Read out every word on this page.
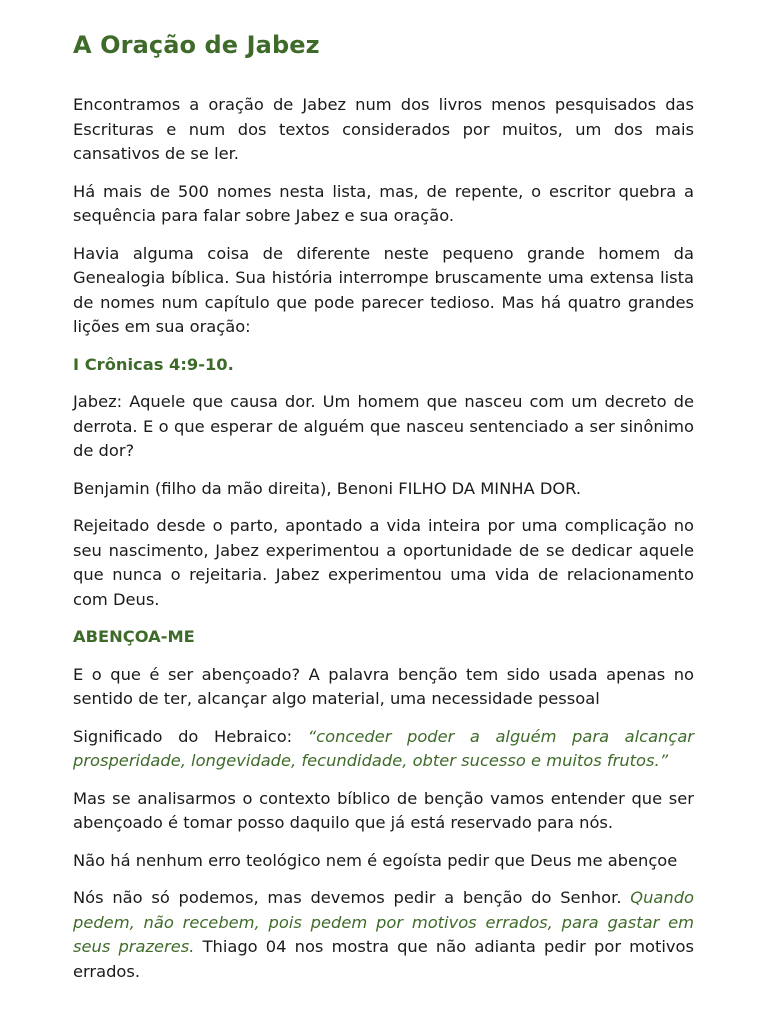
A Oração de Jabez

Encontramos a oração de Jabez num dos livros menos pesquisados das Escrituras e num dos textos considerados por muitos, um dos mais cansativos de se ler.

Há mais de 500 nomes nesta lista, mas, de repente, o escritor quebra a sequência para falar sobre Jabez e sua oração.

Havia alguma coisa de diferente neste pequeno grande homem da Genealogia bíblica. Sua história interrompe bruscamente uma extensa lista de nomes num capítulo que pode parecer tedioso. Mas há quatro grandes lições em sua oração:

I Crônicas 4:9-10.

Jabez: Aquele que causa dor. Um homem que nasceu com um decreto de derrota. E o que esperar de alguém que nasceu sentenciado a ser sinônimo de dor?

Benjamin (filho da mão direita), Benoni FILHO DA MINHA DOR.

Rejeitado desde o parto, apontado a vida inteira por uma complicação no seu nascimento, Jabez experimentou a oportunidade de se dedicar aquele que nunca o rejeitaria. Jabez experimentou uma vida de relacionamento com Deus.

ABENÇOA-ME

E o que é ser abençoado? A palavra benção tem sido usada apenas no sentido de ter, alcançar algo material, uma necessidade pessoal

Significado do Hebraico: “conceder poder a alguém para alcançar prosperidade, longevidade, fecundidade, obter sucesso e muitos frutos.”

Mas se analisarmos o contexto bíblico de benção vamos entender que ser abençoado é tomar posso daquilo que já está reservado para nós.

Não há nenhum erro teológico nem é egoísta pedir que Deus me abençoe

Nós não só podemos, mas devemos pedir a benção do Senhor. Quando pedem, não recebem, pois pedem por motivos errados, para gastar em seus prazeres. Thiago 04 nos mostra que não adianta pedir por motivos errados.
